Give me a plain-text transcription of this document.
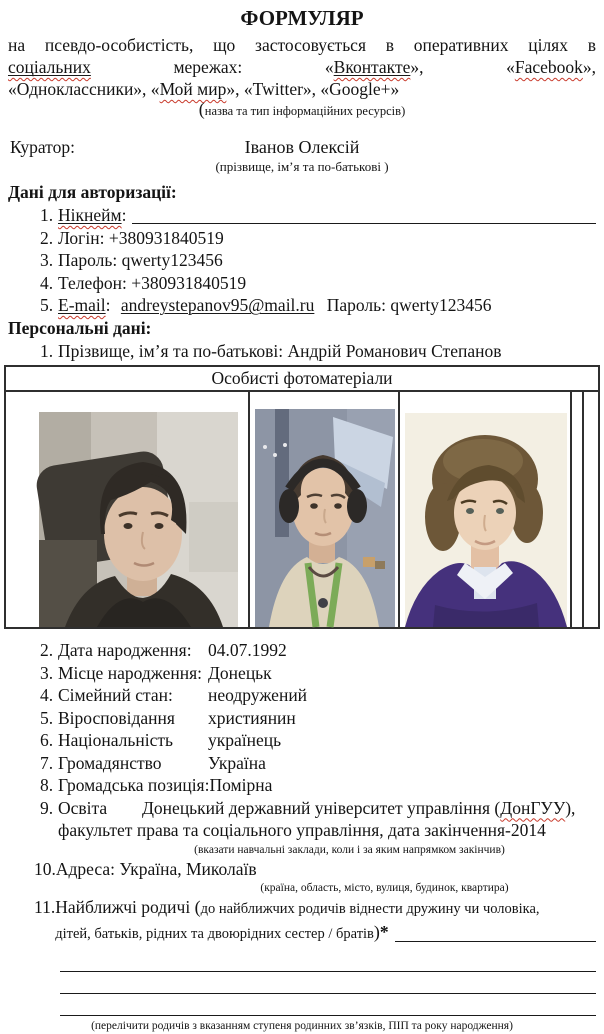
ФОРМУЛЯР
на псевдо-особистість, що застосовується в оперативних цілях в
соціальних	мережах:	«Вконтакте»,	«Facebook»,
«Одноклассники», «Мой мир», «Twitter», «Google+»
(назва та тип інформаційних ресурсів)
Куратор:	Іванов Олексій
(прізвище, ім’я та по-батькові )
Дані для авторизації:
1. Нікнейм:
2. Логін: +380931840519
3. Пароль: qwerty123456
4. Телефон: +380931840519
5. E-mail: andreystepanov95@mail.ru Пароль: qwerty123456
Персональні дані:
1. Прізвище, ім’я та по-батькові: Андрій Романович Степанов
Особисті фотоматеріали
2. Дата народження: 04.07.1992
3. Місце народження: Донецьк
4. Сімейний стан: неодружений
5. Віросповідання християнин
6. Національність українець
7. Громадянство	Україна
8. Громадська позиція:Помірна
9. Освіта Донецький державний університет управління (ДонГУУ),
факультет права та соціального управління, дата закінчення-2014
(вказати навчальні заклади, коли і за яким напрямком закінчив)
10. Адреса: Україна, Миколаїв
(країна, область, місто, вулиця, будинок, квартира)
11. Найближчі родичі (до найближчих родичів віднести дружину чи чоловіка,
дітей, батьків, рідних та двоюрідних сестер / братів)*
(перелічити родичів з вказанням ступеня родинних зв’язків, ПІП та року народження)
